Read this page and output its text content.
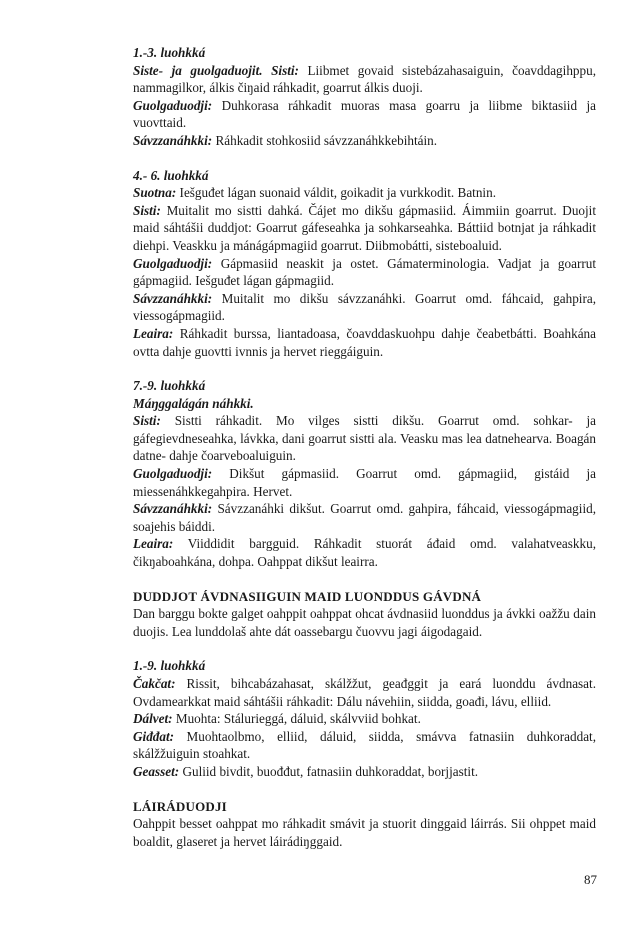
1.-3. luohkká
Siste- ja guolgaduojit. Sisti: Liibmet govaid sistebázahasaiguin, čoavddagihppu, nammagilkor, álkis čiŋaid ráhkadit, goarrut álkis duoji.
Guolgaduodji: Duhkorasa ráhkadit muoras masa goarru ja liibme biktasiid ja vuovttaid.
Sávzzanáhkki: Ráhkadit stohkosiid sávzzanáhkkebihtáin.
4.- 6. luohkká
Suotna: Iešguđet lágan suonaid váldit, goikadit ja vurkkodit. Batnin.
Sisti: Muitalit mo sistti dahká. Čájet mo dikšu gápmasiid. Áimmiin goarrut. Duojit maid sáhtášii duddjot: Goarrut gáfeseahka ja sohkarseahka. Báttiid botnjat ja ráhkadit diehpi. Veaskku ja mánágápmagiid goarrut. Diibmobátti, sisteboaluid.
Guolgaduodji: Gápmasiid neaskit ja ostet. Gámaterminologia. Vadjat ja goarrut gápmagiid. Iešguđet lágan gápmagiid.
Sávzzanáhkki: Muitalit mo dikšu sávzzanáhki. Goarrut omd. fáhcaid, gahpira, viessogápmagiid.
Leaira: Ráhkadit burssa, liantadoasa, čoavddaskuohpu dahje čeabetbátti. Boahkána ovtta dahje guovtti ivnnis ja hervet rieggáiguin.
7.-9. luohkká
Máŋggalágán náhkki.
Sisti: Sistti ráhkadit. Mo vilges sistti dikšu. Goarrut omd. sohkar- ja gáfegievdneseahka, lávkka, dani goarrut sistti ala. Veasku mas lea datnehearva. Boagán datne- dahje čoarveboaluiguin.
Guolgaduodji: Dikšut gápmasiid. Goarrut omd. gápmagiid, gistáid ja miessenáhkkegahpira. Hervet.
Sávzzanáhkki: Sávzzanáhki dikšut. Goarrut omd. gahpira, fáhcaid, viessogápmagiid, soajehis báiddi.
Leaira: Viiddidit bargguid. Ráhkadit stuorát áđaid omd. valahatveaskku, čikŋaboahkána, dohpa. Oahppat dikšut leairra.
DUDDJOT ÁVDNASIIGUIN MAID LUONDDUS GÁVDNÁ
Dan barggu bokte galget oahppit oahppat ohcat ávdnasiid luonddus ja ávkki oažžu dain duojis. Lea lunddolaš ahte dát oassebargu čuovvu jagi áigodagaid.
1.-9. luohkká
Čakčat: Rissit, bihcabázahasat, skálžžut, geađggit ja eará luonddu ávdnasat. Ovdamearkkat maid sáhtášii ráhkadit: Dálu návehiin, siidda, goađi, lávu, elliid.
Dálvet: Muohta: Stálurieggá, dáluid, skálvviid bohkat.
Giđđat: Muohtaolbmo, elliid, dáluid, siidda, smávva fatnasiin duhkoraddat, skálžžuiguin stoahkat.
Geasset: Guliid bivdit, buođđut, fatnasiin duhkoraddat, borjjastit.
LÁIRÁDUODJI
Oahppit besset oahppat mo ráhkadit smávit ja stuorit dinggaid láirrás. Sii ohppet maid boaldit, glaseret ja hervet láirádiŋggaid.
87
